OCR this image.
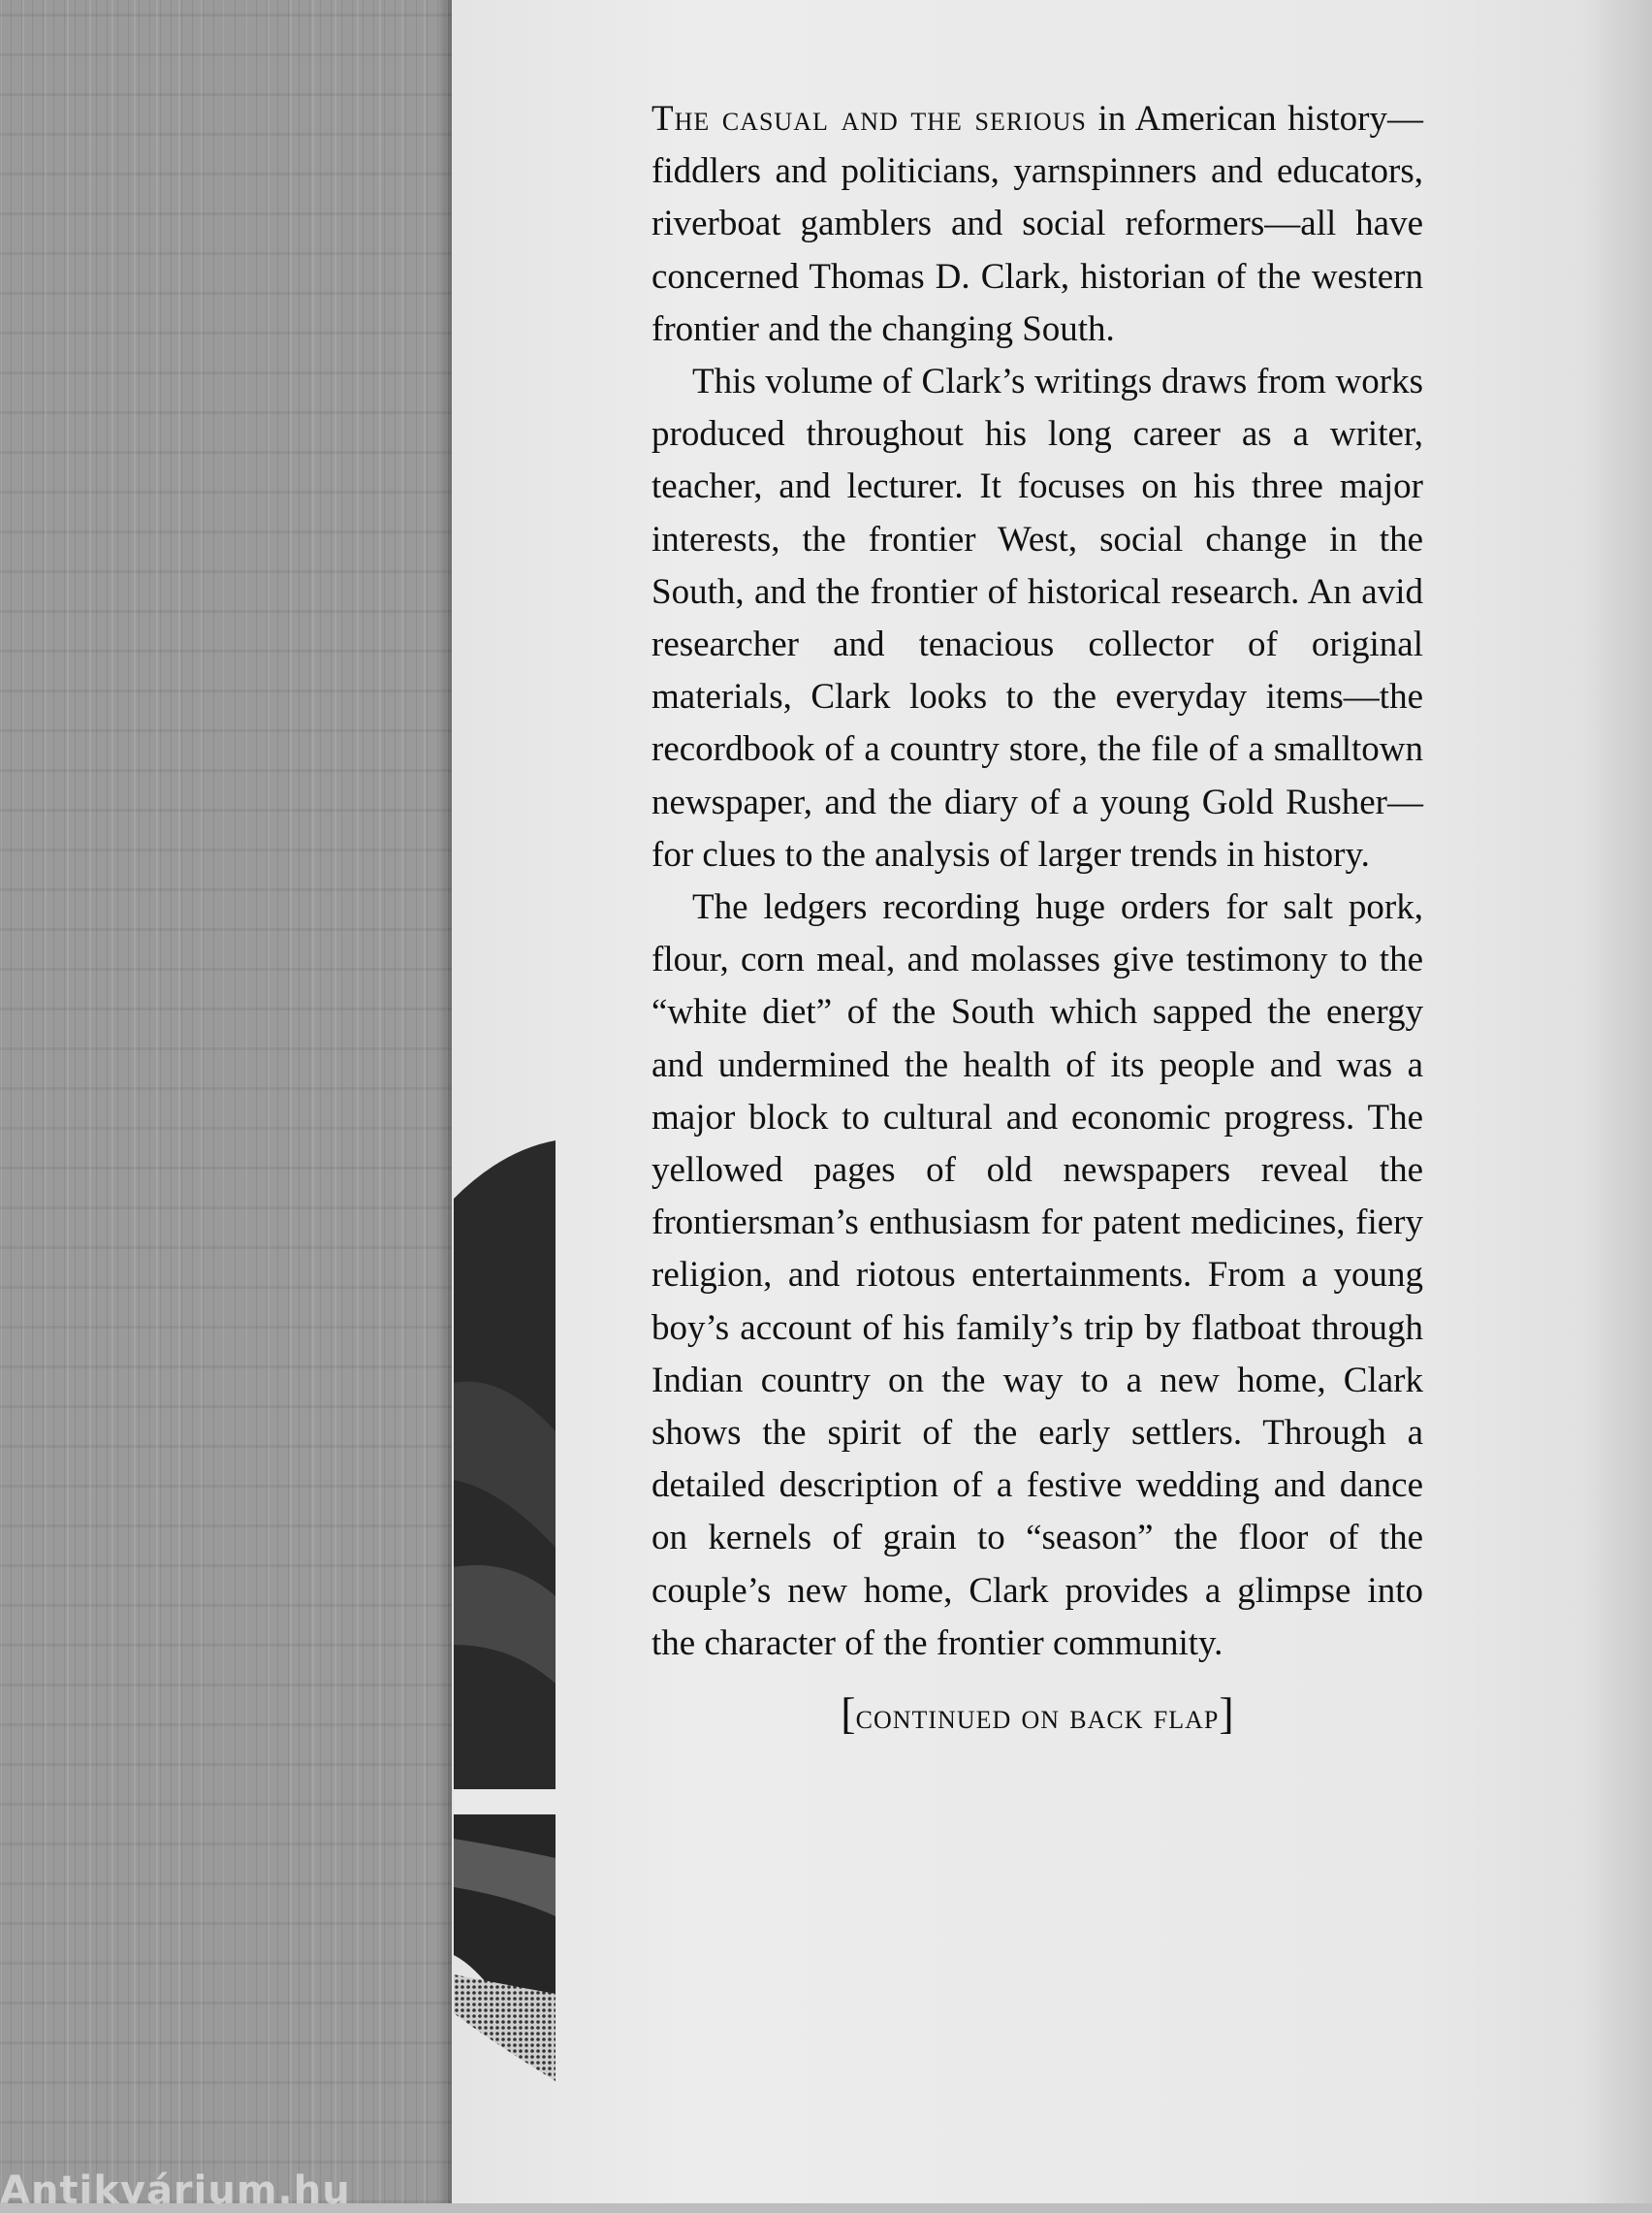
Antikvárium.hu

The casual and the serious in American history—fiddlers and politicians, yarnspinners and educators, riverboat gamblers and social reformers—all have concerned Thomas D. Clark, historian of the western frontier and the changing South.

This volume of Clark’s writings draws from works produced throughout his long career as a writer, teacher, and lecturer. It focuses on his three major interests, the frontier West, social change in the South, and the frontier of historical research. An avid researcher and tenacious collector of original materials, Clark looks to the everyday items—the recordbook of a country store, the file of a smalltown newspaper, and the diary of a young Gold Rusher—for clues to the analysis of larger trends in history.

The ledgers recording huge orders for salt pork, flour, corn meal, and molasses give testimony to the “white diet” of the South which sapped the energy and undermined the health of its people and was a major block to cultural and economic progress. The yellowed pages of old newspapers reveal the frontiersman’s enthusiasm for patent medicines, fiery religion, and riotous entertainments. From a young boy’s account of his family’s trip by flatboat through Indian country on the way to a new home, Clark shows the spirit of the early settlers. Through a detailed description of a festive wedding and dance on kernels of grain to “season” the floor of the couple’s new home, Clark provides a glimpse into the character of the frontier community.

[continued on back flap]
